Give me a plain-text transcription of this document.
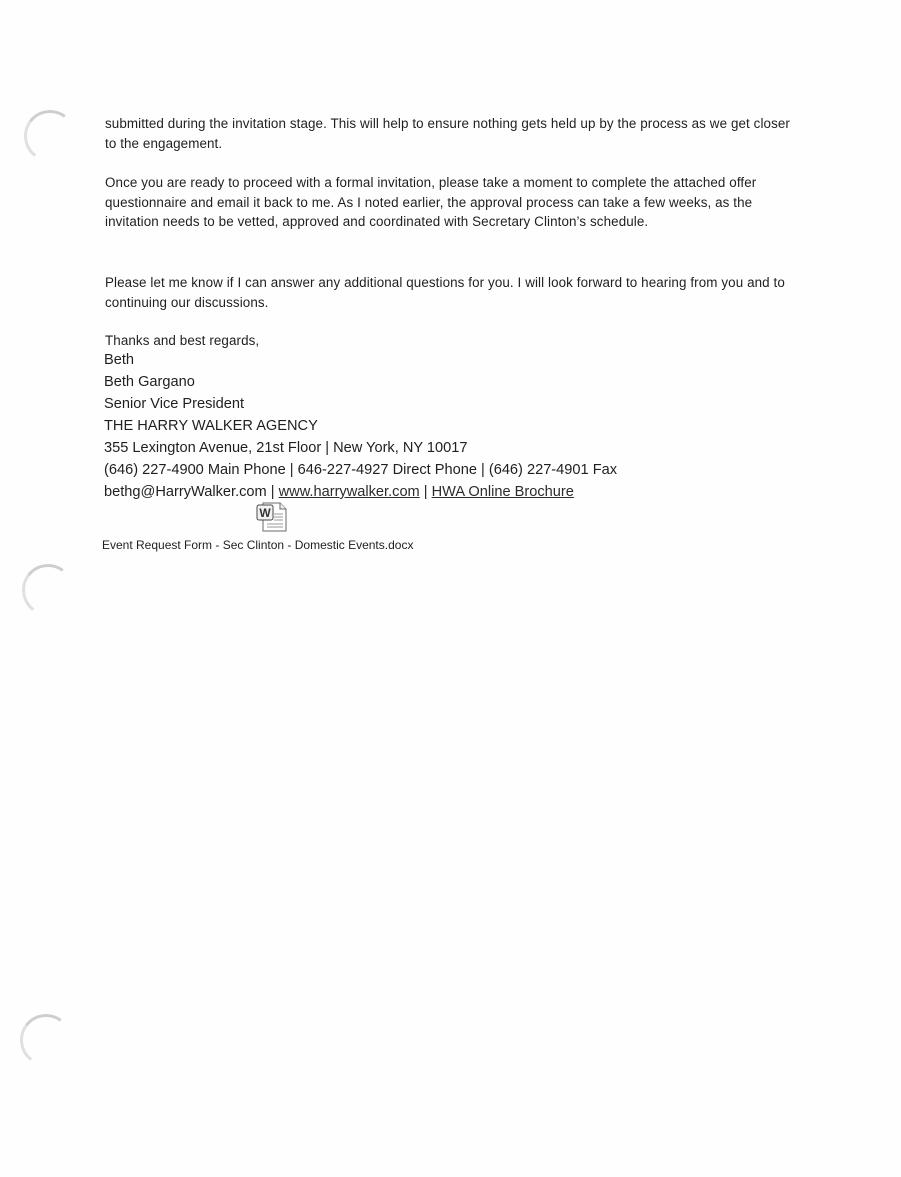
submitted during the invitation stage. This will help to ensure nothing gets held up by the process as we get closer to the engagement.
Once you are ready to proceed with a formal invitation, please take a moment to complete the attached offer questionnaire and email it back to me. As I noted earlier, the approval process can take a few weeks, as the invitation needs to be vetted, approved and coordinated with Secretary Clinton’s schedule.
Please let me know if I can answer any additional questions for you. I will look forward to hearing from you and to continuing our discussions.
Thanks and best regards,
Beth
Beth Gargano
Senior Vice President
THE HARRY WALKER AGENCY
355 Lexington Avenue, 21st Floor | New York, NY 10017
(646) 227-4900 Main Phone | 646-227-4927 Direct Phone | (646) 227-4901 Fax
bethg@HarryWalker.com | www.harrywalker.com | HWA Online Brochure
W
Event Request Form - Sec Clinton - Domestic Events.docx
